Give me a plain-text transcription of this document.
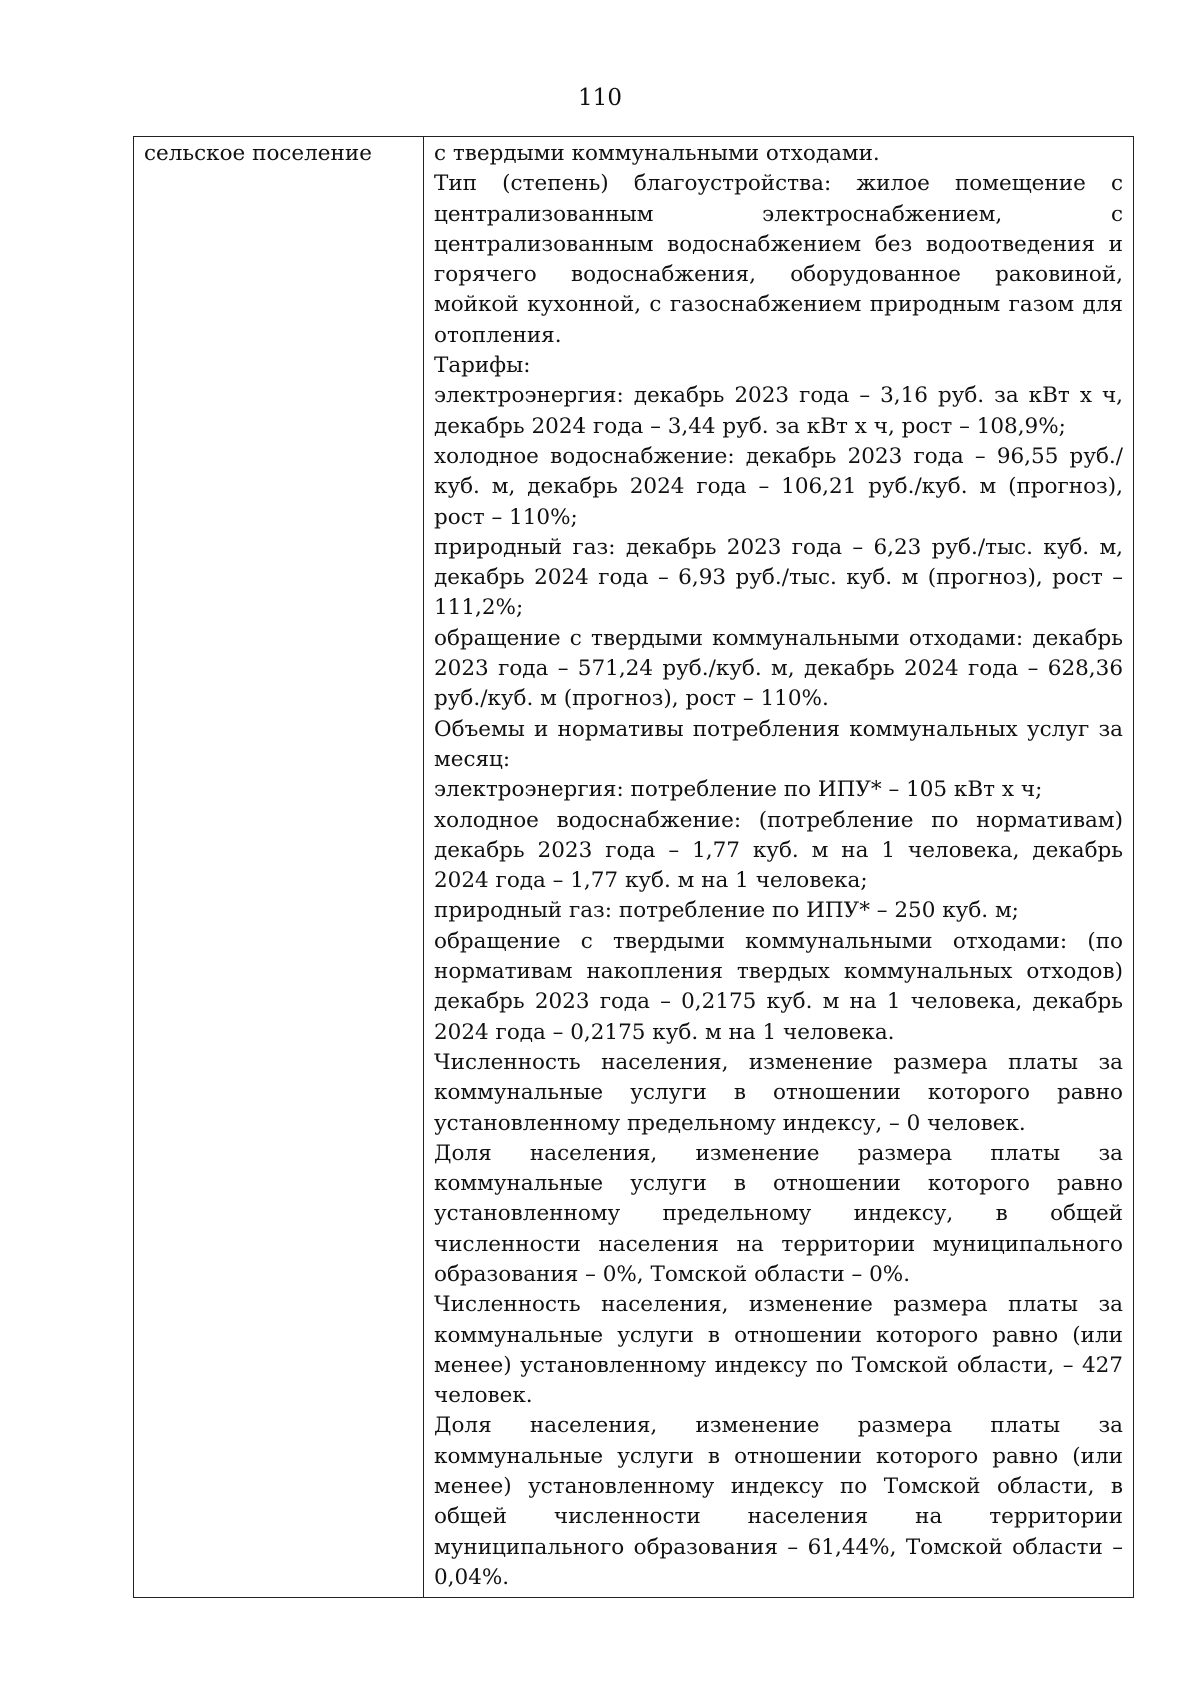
110
сельское поселение	с твердыми коммунальными отходами.

Тип (степень) благоустройства: жилое помещение с централизованным электроснабжением, с централизованным водоснабжением без водоотведения и горячего водоснабжения, оборудованное раковиной, мойкой кухонной, с газоснабжением природным газом для отопления.

Тарифы:

электроэнергия: декабрь 2023 года – 3,16 руб. за кВт х ч, декабрь 2024 года – 3,44 руб. за кВт х ч, рост – 108,9%;

холодное водоснабжение: декабрь 2023 года – 96,55 руб./куб. м, декабрь 2024 года – 106,21 руб./куб. м (прогноз), рост – 110%;

природный газ: декабрь 2023 года – 6,23 руб./тыс. куб. м, декабрь 2024 года – 6,93 руб./тыс. куб. м (прогноз), рост – 111,2%;

обращение с твердыми коммунальными отходами: декабрь 2023 года – 571,24 руб./куб. м, декабрь 2024 года – 628,36 руб./куб. м (прогноз), рост – 110%.

Объемы и нормативы потребления коммунальных услуг за месяц:

электроэнергия: потребление по ИПУ* – 105 кВт х ч;

холодное водоснабжение: (потребление по нормативам) декабрь 2023 года – 1,77 куб. м на 1 человека, декабрь 2024 года – 1,77 куб. м на 1 человека;

природный газ: потребление по ИПУ* – 250 куб. м;

обращение с твердыми коммунальными отходами: (по нормативам накопления твердых коммунальных отходов) декабрь 2023 года – 0,2175 куб. м на 1 человека, декабрь 2024 года – 0,2175 куб. м на 1 человека.

Численность населения, изменение размера платы за коммунальные услуги в отношении которого равно установленному предельному индексу, – 0 человек.

Доля населения, изменение размера платы за коммунальные услуги в отношении которого равно установленному предельному индексу, в общей численности населения на территории муниципального образования – 0%, Томской области – 0%.

Численность населения, изменение размера платы за коммунальные услуги в отношении которого равно (или менее) установленному индексу по Томской области, – 427 человек.

Доля населения, изменение размера платы за коммунальные услуги в отношении которого равно (или менее) установленному индексу по Томской области, в общей численности населения на территории муниципального образования – 61,44%, Томской области – 0,04%.
